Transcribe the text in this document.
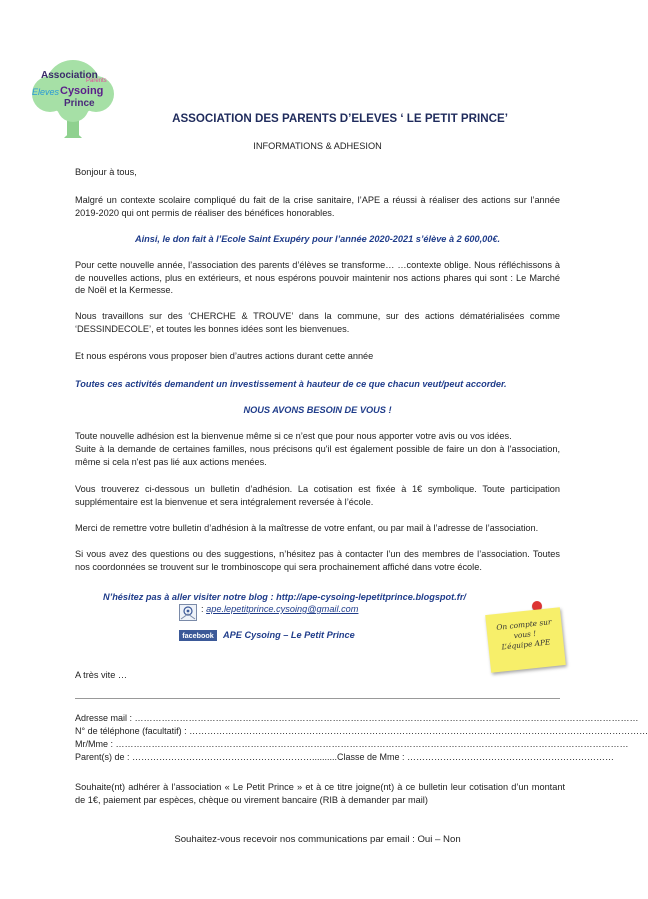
Association
Parents
Eleves Cysoing
Prince
ASSOCIATION DES PARENTS D’ELEVES ‘ LE PETIT PRINCE’
INFORMATIONS & ADHESION

Bonjour à tous,

Malgré un contexte scolaire compliqué du fait de la crise sanitaire, l’APE a réussi à réaliser des actions sur l’année 2019-2020 qui ont permis de réaliser des bénéfices honorables.

Ainsi, le don fait à l’Ecole Saint Exupéry pour l’année 2020-2021 s’élève à 2 600,00€.

Pour cette nouvelle année, l’association des parents d’élèves se transforme… …contexte oblige. Nous réfléchissons à de nouvelles actions, plus en extérieurs, et nous espérons pouvoir maintenir nos actions phares qui sont : Le Marché de Noël et la Kermesse.

Nous travaillons sur des ‘CHERCHE & TROUVE’ dans la commune, sur des actions dématérialisées comme ‘DESSINDECOLE’, et toutes les bonnes idées sont les bienvenues.

Et nous espérons vous proposer bien d’autres actions durant cette année

Toutes ces activités demandent un investissement à hauteur de ce que chacun veut/peut accorder.

NOUS AVONS BESOIN DE VOUS !

Toute nouvelle adhésion est la bienvenue même si ce n’est que pour nous apporter votre avis ou vos idées.

Suite à la demande de certaines familles, nous précisons qu'il est également possible de faire un don à l'association, même si cela n'est pas lié aux actions menées.

Vous trouverez ci-dessous un bulletin d’adhésion. La cotisation est fixée à 1€ symbolique. Toute participation supplémentaire est la bienvenue et sera intégralement reversée à l’école.

Merci de remettre votre bulletin d’adhésion à la maîtresse de votre enfant, ou par mail à l’adresse de l’association.

Si vous avez des questions ou des suggestions, n’hésitez pas à contacter l’un des membres de l’association. Toutes nos coordonnées se trouvent sur le trombinoscope qui sera prochainement affiché dans votre école.

N’hésitez pas à aller visiter notre blog : http://ape-cysoing-lepetitprince.blogspot.fr/

: ape.lepetitprince.cysoing@gmail.com
facebook	APE Cysoing – Le Petit Prince
On compte sur
vous !
L’équipe APE

A très vite …

Adresse mail : ……………………………………………………………………………………………………………………………………………………
N° de téléphone (facultatif) : ………………………………………………………………………………………………………………………………………
Mr/Mme : ………………………………………………………………………………………………………………………………………………………
Parent(s) de : ……………………………………………………..........Classe de Mme : ……………………………………………………………

Souhaite(nt) adhérer à l’association « Le Petit Prince » et à ce titre joigne(nt) à ce bulletin leur cotisation d’un montant de 1€, paiement par espèces, chèque ou virement bancaire (RIB à demander par mail)

Souhaitez-vous recevoir nos communications par email : Oui – Non
